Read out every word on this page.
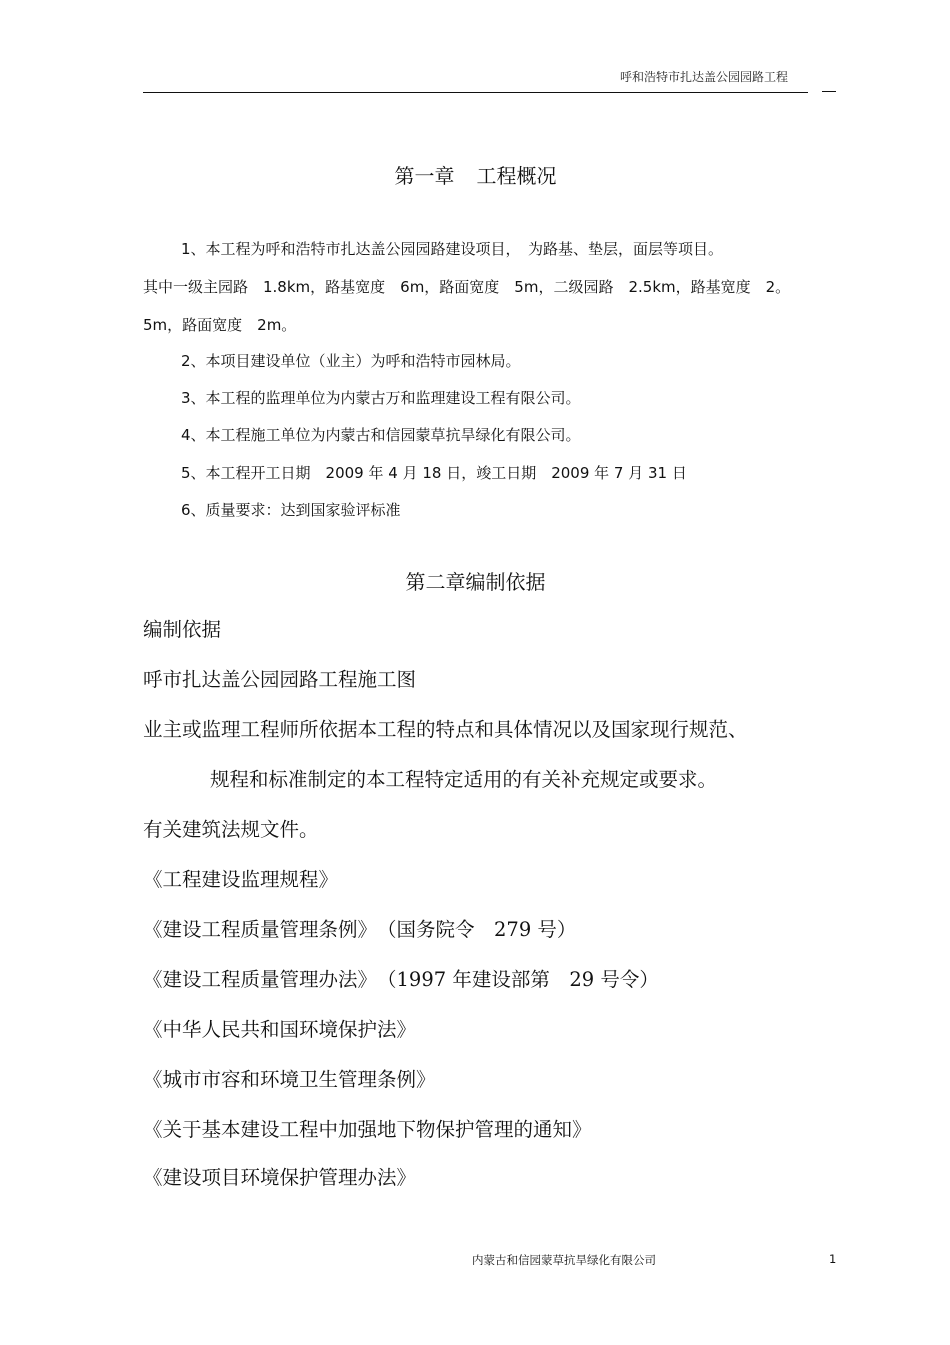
呼和浩特市扎达盖公园园路工程
第一章 工程概况
1、本工程为呼和浩特市扎达盖公园园路建设项目，　为路基、垫层，面层等项目。
其中一级主园路　1.8km，路基宽度　6m，路面宽度　5m，二级园路　2.5km，路基宽度　2。
5m，路面宽度　2m。
2、本项目建设单位（业主）为呼和浩特市园林局。
3、本工程的监理单位为内蒙古万和监理建设工程有限公司。
4、本工程施工单位为内蒙古和信园蒙草抗旱绿化有限公司。
5、本工程开工日期　2009 年 4 月 18 日，竣工日期　2009 年 7 月 31 日
6、质量要求：达到国家验评标准
第二章编制依据
编制依据
呼市扎达盖公园园路工程施工图
业主或监理工程师所依据本工程的特点和具体情况以及国家现行规范、
规程和标准制定的本工程特定适用的有关补充规定或要求。
有关建筑法规文件。
《工程建设监理规程》
《建设工程质量管理条例》　（国务院令　279 号）
《建设工程质量管理办法》　（1997 年建设部第　29 号令）
《中华人民共和国环境保护法》
《城市市容和环境卫生管理条例》
《关于基本建设工程中加强地下物保护管理的通知》
《建设项目环境保护管理办法》
内蒙古和信园蒙草抗旱绿化有限公司	1
